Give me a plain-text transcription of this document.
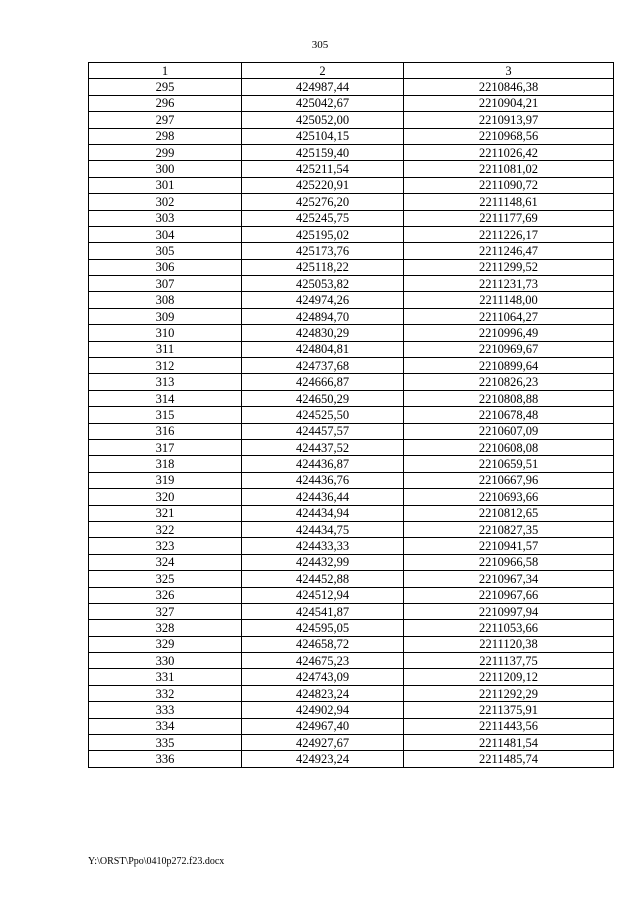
305
1	2	3
295	424987,44	2210846,38
296	425042,67	2210904,21
297	425052,00	2210913,97
298	425104,15	2210968,56
299	425159,40	2211026,42
300	425211,54	2211081,02
301	425220,91	2211090,72
302	425276,20	2211148,61
303	425245,75	2211177,69
304	425195,02	2211226,17
305	425173,76	2211246,47
306	425118,22	2211299,52
307	425053,82	2211231,73
308	424974,26	2211148,00
309	424894,70	2211064,27
310	424830,29	2210996,49
311	424804,81	2210969,67
312	424737,68	2210899,64
313	424666,87	2210826,23
314	424650,29	2210808,88
315	424525,50	2210678,48
316	424457,57	2210607,09
317	424437,52	2210608,08
318	424436,87	2210659,51
319	424436,76	2210667,96
320	424436,44	2210693,66
321	424434,94	2210812,65
322	424434,75	2210827,35
323	424433,33	2210941,57
324	424432,99	2210966,58
325	424452,88	2210967,34
326	424512,94	2210967,66
327	424541,87	2210997,94
328	424595,05	2211053,66
329	424658,72	2211120,38
330	424675,23	2211137,75
331	424743,09	2211209,12
332	424823,24	2211292,29
333	424902,94	2211375,91
334	424967,40	2211443,56
335	424927,67	2211481,54
336	424923,24	2211485,74
Y:\ORST\Ppo\0410p272.f23.docx
